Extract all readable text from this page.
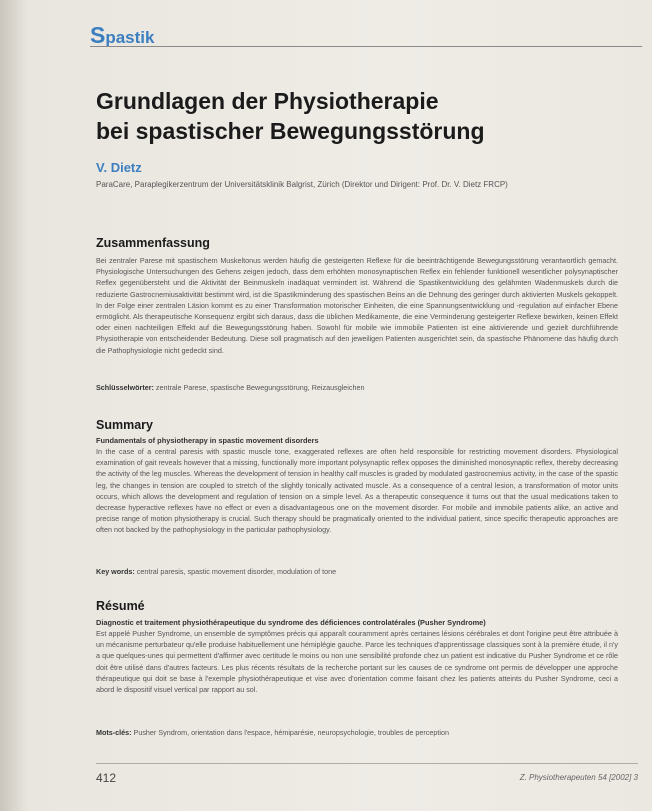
Spastik
Grundlagen der Physiotherapie
bei spastischer Bewegungsstörung
V. Dietz
ParaCare, Paraplegikerzentrum der Universitätsklinik Balgrist, Zürich (Direktor und Dirigent: Prof. Dr. V. Dietz FRCP)
Zusammenfassung
Bei zentraler Parese mit spastischem Muskeltonus werden häufig die gesteigerten Reflexe für die beeinträchtigende Bewegungsstörung verantwortlich gemacht. Physiologische Untersuchungen des Gehens zeigen jedoch, dass dem erhöhten monosynaptischen Reflex ein fehlender funktionell wesentlicher polysynaptischer Reflex gegenübersteht und die Aktivität der Beinmuskeln inadäquat vermindert ist. Während die Spastikentwicklung des gelähmten Wadenmuskels durch die reduzierte Gastrocnemiusaktivität bestimmt wird, ist die Spastikminderung des spastischen Beins an die Dehnung des geringer durch aktivierten Muskels gekoppelt. In der Folge einer zentralen Läsion kommt es zu einer Transformation motorischer Einheiten, die eine Spannungsentwicklung und -regulation auf einfacher Ebene ermöglicht. Als therapeutische Konsequenz ergibt sich daraus, dass die üblichen Medikamente, die eine Verminderung gesteigerter Reflexe bewirken, keinen Effekt oder einen nachteiligen Effekt auf die Bewegungsstörung haben. Sowohl für mobile wie immobile Patienten ist eine aktivierende und gezielt durchführende Physiotherapie von entscheidender Bedeutung. Diese soll pragmatisch auf den jeweiligen Patienten ausgerichtet sein, da spastische Phänomene das häufig durch die Pathophysiologie nicht gedeckt sind.
Schlüsselwörter: zentrale Parese, spastische Bewegungsstörung, Reizausgleichen
Summary
Fundamentals of physiotherapy in spastic movement disorders
In the case of a central paresis with spastic muscle tone, exaggerated reflexes are often held responsible for restricting movement disorders. Physiological examination of gait reveals however that a missing, functionally more important polysynaptic reflex opposes the diminished monosynaptic reflex, thereby decreasing the activity of the leg muscles. Whereas the development of tension in healthy calf muscles is graded by modulated gastrocnemius activity, in the case of the spastic leg, the changes in tension are coupled to stretch of the slightly tonically activated muscle. As a consequence of a central lesion, a transformation of motor units occurs, which allows the development and regulation of tension on a simple level. As a therapeutic consequence it turns out that the usual medications taken to decrease hyperactive reflexes have no effect or even a disadvantageous one on the movement disorder. For mobile and immobile patients alike, an active and precise range of motion physiotherapy is crucial. Such therapy should be pragmatically oriented to the individual patient, since specific therapeutic approaches are often not backed by the pathophysiology in the particular pathophysiology.
Key words: central paresis, spastic movement disorder, modulation of tone
Résumé
Diagnostic et traitement physiothérapeutique du syndrome des déficiences controlatérales (Pusher Syndrome)
Est appelé Pusher Syndrome, un ensemble de symptômes précis qui apparaît couramment après certaines lésions cérébrales et dont l'origine peut être attribuée à un mécanisme perturbateur qu'elle produise habituellement une hémiplégie gauche. Parce les techniques d'apprentissage classiques sont à la première étude, il n'y a que quelques-unes qui permettent d'affirmer avec certitude le moins ou non une sensibilité profonde chez un patient est indicative du Pusher Syndrome et ce rôle doit être utilisé dans d'autres facteurs. Les plus récents résultats de la recherche portant sur les causes de ce syndrome ont permis de développer une approche thérapeutique qui doit se base à l'exemple physiothérapeutique et vise avec d'orientation comme faisant chez les patients atteints du Pusher Syndrome, ceci a abord le dispositif visuel vertical par rapport au sol.
Mots-clés: Pusher Syndrom, orientation dans l'espace, hémiparésie, neuropsychologie, troubles de perception
412	Z. Physiotherapeuten 54 [2002] 3
